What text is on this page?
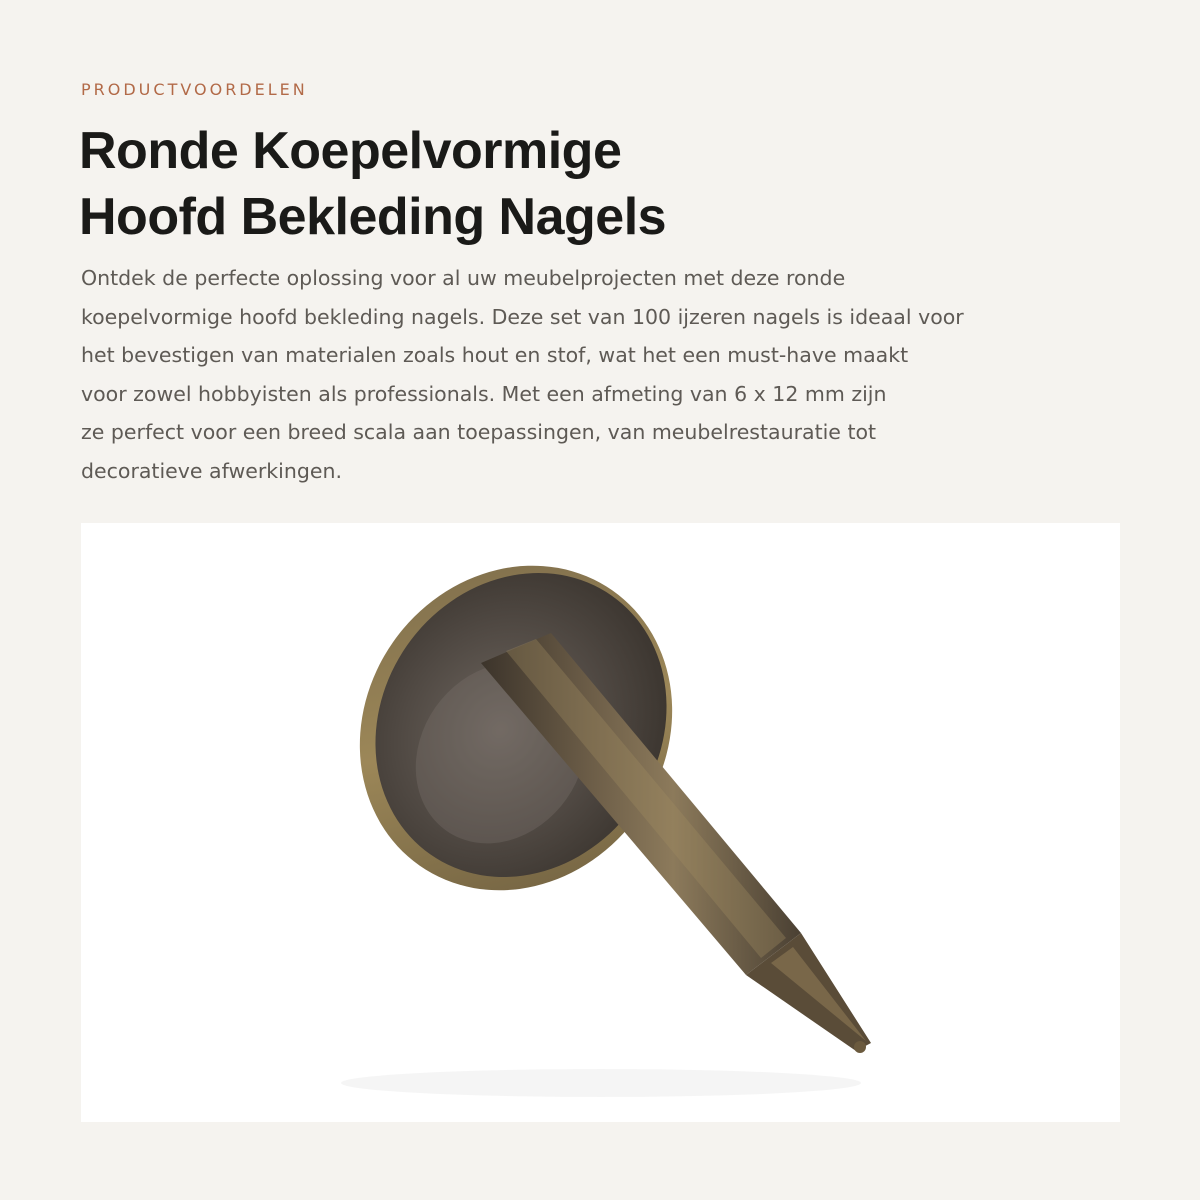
PRODUCTVOORDELEN

Ronde Koepelvormige
Hoofd Bekleding Nagels

Ontdek de perfecte oplossing voor al uw meubelprojecten met deze ronde
koepelvormige hoofd bekleding nagels. Deze set van 100 ijzeren nagels is ideaal voor
het bevestigen van materialen zoals hout en stof, wat het een must-have maakt
voor zowel hobbyisten als professionals. Met een afmeting van 6 x 12 mm zijn
ze perfect voor een breed scala aan toepassingen, van meubelrestauratie tot
decoratieve afwerkingen.
